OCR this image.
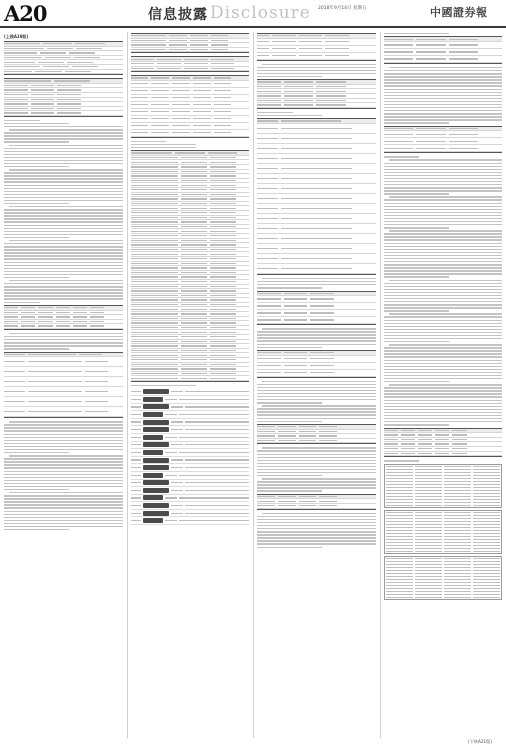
A20	信息披露 Disclosure 2018年9月14日 星期五	中國證券報
(上接A19版)
(下转A21版)
